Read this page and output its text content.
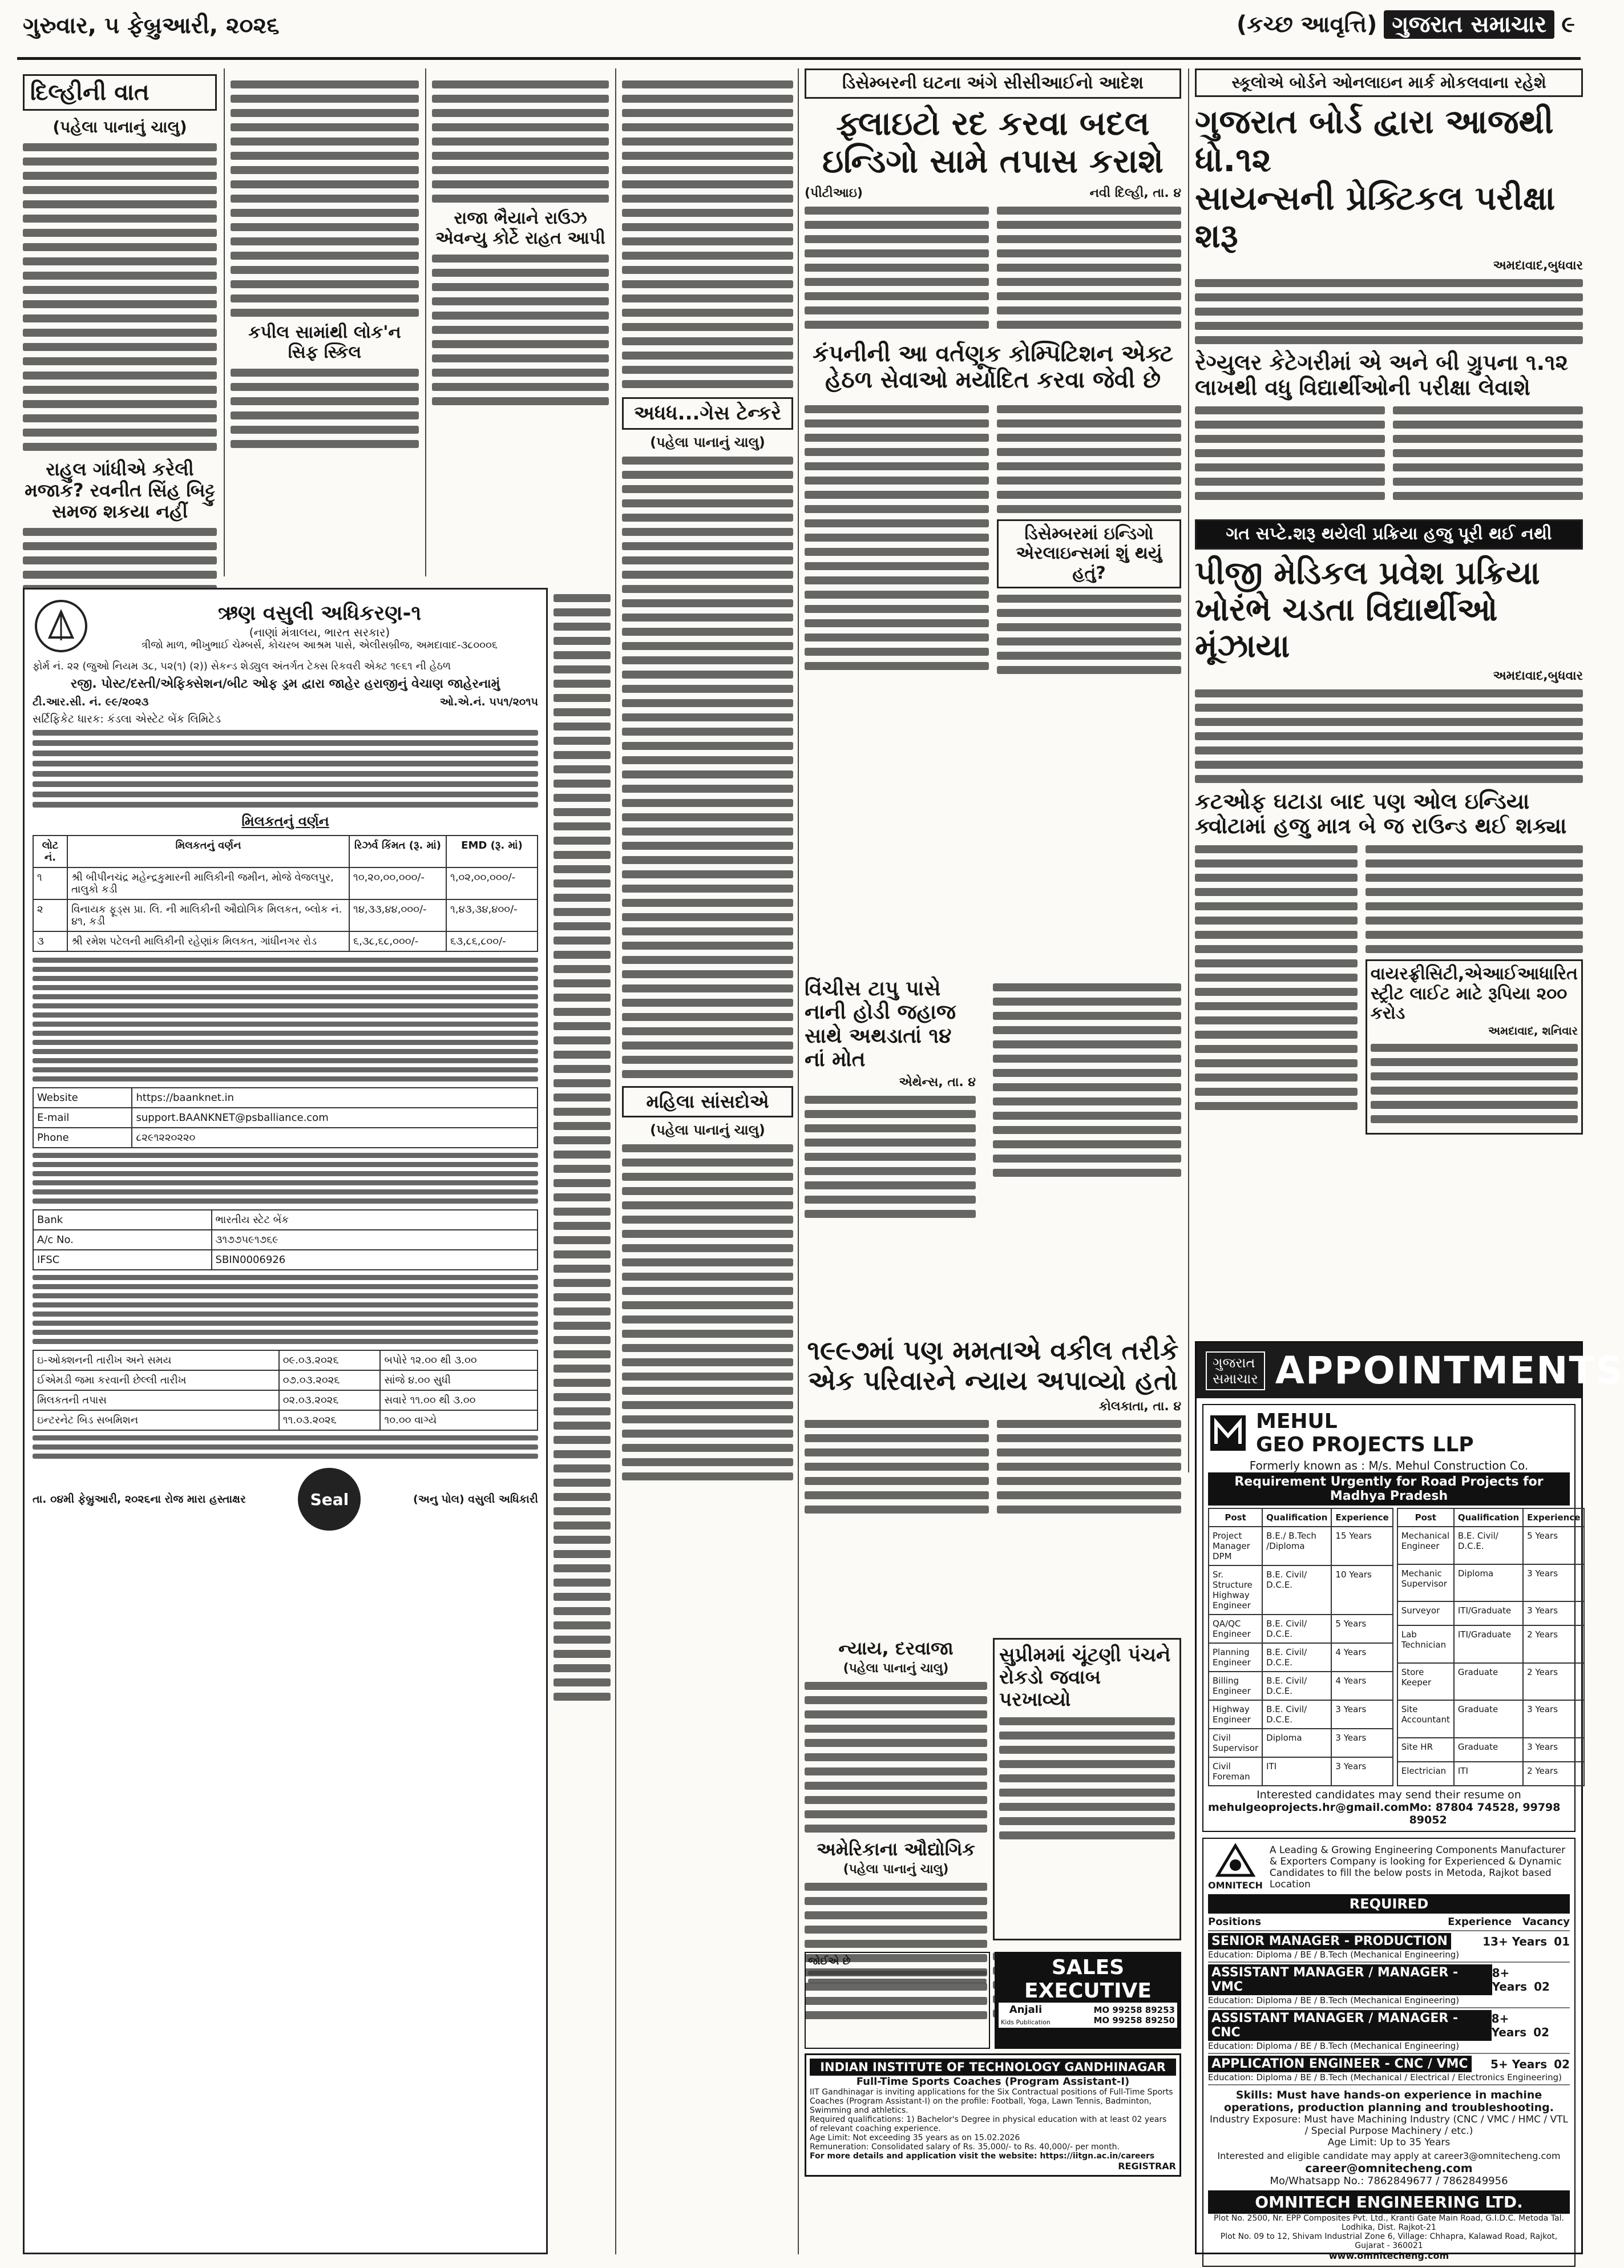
ગુરુવાર, ૫ ફેબ્રુઆરી, ૨૦૨૬	(કચ્છ આવૃત્તિ) ગુજરાત સમાચાર ૯
દિલ્હીની વાત
(પહેલા પાનાનું ચાલુ)
રાહુલ ગાંધીએ કરેલી મજાક? રવનીત સિંહ બિટ્ટુ સમજ શકયા નહીં
કપીલ સામાંથી લોક'ન સિફ સ્કિલ
રાજા ભૈયાને રાઉઝ એવન્યુ કોર્ટે રાહત આપી
ઋણ વસુલી અધિકરણ-૧
(નાણાં મંત્રાલય, ભારત સરકાર)
ત્રીજો માળ, ભીખુભાઈ ચેમ્બર્સ, કોચરબ આશ્રમ પાસે, એલીસબ્રીજ, અમદાવાદ-૩૮૦૦૦૬
ફોર્મ નં. ૨૨ (જુઓ નિયમ ૩૮, ૫૨(૧) (૨)) સેકન્ડ શેડ્યુલ અંતર્ગત ટેક્સ રિકવરી એક્ટ ૧૯૬૧ ની હેઠળ
રજી. પોસ્ટ/દસ્તી/એફિક્સેશન/બીટ ઓફ ડ્રમ દ્વારા જાહેર હરાજીનું વેચાણ જાહેરનામું
ટી.આર.સી. નં. ૯૯/૨૦૨૩	ઓ.એ.નં. ૫૫૧/૨૦૧૫
સર્ટિફિકેટ ધારક: કંડલા એસ્ટેટ બેંક લિમિટેડ
મિલકતનું વર્ણન
લોટ નં.	મિલકતનું વર્ણન	રિઝર્વ કિંમત (રૂ. માં)	EMD (રૂ. માં)
૧	શ્રી બીપીનચંદ્ર મહેન્દ્રકુમારની માલિકીની જમીન, મોજે વેજલપુર, તાલુકો કડી	૧૦,૨૦,૦૦,૦૦૦/-	૧,૦૨,૦૦,૦૦૦/-
૨	વિનાયક ફૂડ્સ પ્રા. લિ. ની માલિકીની ઔદ્યોગિક મિલકત, બ્લોક નં. ૪૧, કડી	૧૪,૩૩,૪૪,૦૦૦/-	૧,૪૩,૩૪,૪૦૦/-
૩	શ્રી રમેશ પટેલની માલિકીની રહેણાંક મિલકત, ગાંધીનગર રોડ	૬,૩૮,૬૮,૦૦૦/-	૬૩,૮૬,૮૦૦/-
Website	https://baanknet.in
E-mail	support.BAANKNET@psballiance.com
Phone	૮૨૯૧૨૨૦૨૨૦
Bank	ભારતીય સ્ટેટ બેંક
A/c No.	૩૧૭૭૫૯૧૭૬૯
IFSC	SBIN0006926
ઇ-ઓક્શનની તારીખ અને સમય	૦૯.૦૩.૨૦૨૬	બપોરે ૧૨.૦૦ થી ૩.૦૦
ઈએમડી જમા કરવાની છેલ્લી તારીખ	૦૭.૦૩.૨૦૨૬	સાંજે ૪.૦૦ સુધી
મિલકતની તપાસ	૦૨.૦૩.૨૦૨૬	સવારે ૧૧.૦૦ થી ૩.૦૦
ઇન્ટરનેટ બિડ સબમિશન	૧૧.૦૩.૨૦૨૬	૧૦.૦૦ વાગ્યે
તા. ૦૪મી ફેબ્રુઆરી, ૨૦૨૬ના રોજ મારા હસ્તાક્ષર	Seal	(અનુ પોલ) વસુલી અધિકારી
અધધ...ગેસ ટેન્કરે
(પહેલા પાનાનું ચાલુ)
મહિલા સાંસદોએ
(પહેલા પાનાનું ચાલુ)
ડિસેમ્બરની ઘટના અંગે સીસીઆઈનો આદેશ
ફ્લાઇટો રદ કરવા બદલ
ઇન્ડિગો સામે તપાસ કરાશે
(પીટીઆઇ)	નવી દિલ્હી, તા. ૪
કંપનીની આ વર્તણૂક કોમ્પિટિશન એક્ટ
હેઠળ સેવાઓ મર્યાદિત કરવા જેવી છે
ડિસેમ્બરમાં ઇન્ડિગો એરલાઇન્સમાં શું થયું હતું?
વિંચીસ ટાપુ પાસે નાની હોડી જહાજ સાથે અથડાતાં ૧૪ નાં મોત
એથેન્સ, તા. ૪
૧૯૯૭માં પણ મમતાએ વકીલ તરીકે
એક પરિવારને ન્યાય અપાવ્યો હતો
કોલકાતા, તા. ૪
ન્યાય, દરવાજા
(પહેલા પાનાનું ચાલુ)
અમેરિકાના ઔદ્યોગિક
(પહેલા પાનાનું ચાલુ)
સુપ્રીમમાં ચૂંટણી પંચને રોકડો જવાબ પરખાવ્યો
સ્કૂલોએ બોર્ડને ઓનલાઇન માર્ક મોકલવાના રહેશે
ગુજરાત બોર્ડ દ્વારા આજથી ધો.૧૨
સાયન્સની પ્રેક્ટિકલ પરીક્ષા શરૂ
અમદાવાદ,બુધવાર
રેગ્યુલર કેટેગરીમાં એ અને બી ગ્રુપના ૧.૧૨ લાખથી વધુ વિદ્યાર્થીઓની પરીક્ષા લેવાશે
ગત સપ્ટે.શરૂ થયેલી પ્રક્રિયા હજુ પૂરી થઈ નથી
પીજી મેડિકલ પ્રવેશ પ્રક્રિયા
ખોરંભે ચડતા વિદ્યાર્થીઓ મૂંઝાયા
અમદાવાદ,બુધવાર
કટઓફ ઘટાડા બાદ પણ ઓલ ઇન્ડિયા ક્વોટામાં હજુ માત્ર બે જ રાઉન્ડ થઈ શક્યા
વાયરફ્રીસિટી,એઆઈઆધારિત સ્ટ્રીટ લાઈટ માટે રૂપિયા ૨૦૦ કરોડ
અમદાવાદ, શનિવાર
ગુજરાત સમાચાર APPOINTMENTS
MEHUL
GEO PROJECTS LLP
Formerly known as : M/s. Mehul Construction Co.
Requirement Urgently for Road Projects for Madhya Pradesh
Post	Qualification	Experience
Project Manager DPM	B.E./ B.Tech /Diploma	15 Years
Sr. Structure Highway Engineer	B.E. Civil/ D.C.E.	10 Years
QA/QC Engineer	B.E. Civil/ D.C.E.	5 Years
Planning Engineer	B.E. Civil/ D.C.E.	4 Years
Billing Engineer	B.E. Civil/ D.C.E.	4 Years
Highway Engineer	B.E. Civil/ D.C.E.	3 Years
Civil Supervisor	Diploma	3 Years
Civil Foreman	ITI	3 Years
Post	Qualification	Experience
Mechanical Engineer	B.E. Civil/ D.C.E.	5 Years
Mechanic Supervisor	Diploma	3 Years
Surveyor	ITI/Graduate	3 Years
Lab Technician	ITI/Graduate	2 Years
Store Keeper	Graduate	2 Years
Site Accountant	Graduate	3 Years
Site HR	Graduate	3 Years
Electrician	ITI	2 Years
Interested candidates may send their resume on
mehulgeoprojects.hr@gmail.com Mo: 87804 74528, 99798 89052
OMNITECH
A Leading & Growing Engineering Components Manufacturer & Exporters Company is looking for Experienced & Dynamic Candidates to fill the below posts in Metoda, Rajkot based Location
REQUIRED
Positions	Experience Vacancy
SENIOR MANAGER - PRODUCTION	13+ Years 01
Education: Diploma / BE / B.Tech (Mechanical Engineering)
ASSISTANT MANAGER / MANAGER - VMC
8+ Years 02
Education: Diploma / BE / B.Tech (Mechanical Engineering)
ASSISTANT MANAGER / MANAGER - CNC
8+ Years 02
Education: Diploma / BE / B.Tech (Mechanical Engineering)
APPLICATION ENGINEER - CNC / VMC	5+ Years 02
Education: Diploma / BE / B.Tech (Mechanical / Electrical / Electronics Engineering)
Skills: Must have hands-on experience in machine operations, production planning and troubleshooting.
Industry Exposure: Must have Machining Industry (CNC / VMC / HMC / VTL / Special Purpose Machinery / etc.)
Age Limit: Up to 35 Years
Interested and eligible candidate may apply at career3@omnitecheng.com
career@omnitecheng.com
Mo/Whatsapp No.: 7862849677 / 7862849956
OMNITECH ENGINEERING LTD.
Plot No. 2500, Nr. EPP Composites Pvt. Ltd., Kranti Gate Main Road, G.I.D.C. Metoda Tal. Lodhika, Dist. Rajkot-21
Plot No. 09 to 12, Shivam Industrial Zone 6, Village: Chhapra, Kalawad Road, Rajkot, Gujarat - 360021
www.omnitecheng.com
જોઈએ છે	SALES
EXECUTIVE
Anjali
Kids Publication
MO 99258 89253
MO 99258 89250
INDIAN INSTITUTE OF TECHNOLOGY GANDHINAGAR
Full-Time Sports Coaches (Program Assistant-I)
IIT Gandhinagar is inviting applications for the Six Contractual positions of Full-Time Sports Coaches (Program Assistant-I) on the profile: Football, Yoga, Lawn Tennis, Badminton, Swimming and athletics.
Required qualifications: 1) Bachelor's Degree in physical education with at least 02 years of relevant coaching experience.
Age Limit: Not exceeding 35 years as on 15.02.2026
Remuneration: Consolidated salary of Rs. 35,000/- to Rs. 40,000/- per month.
For more details and application visit the website: https://iitgn.ac.in/careers
REGISTRAR
